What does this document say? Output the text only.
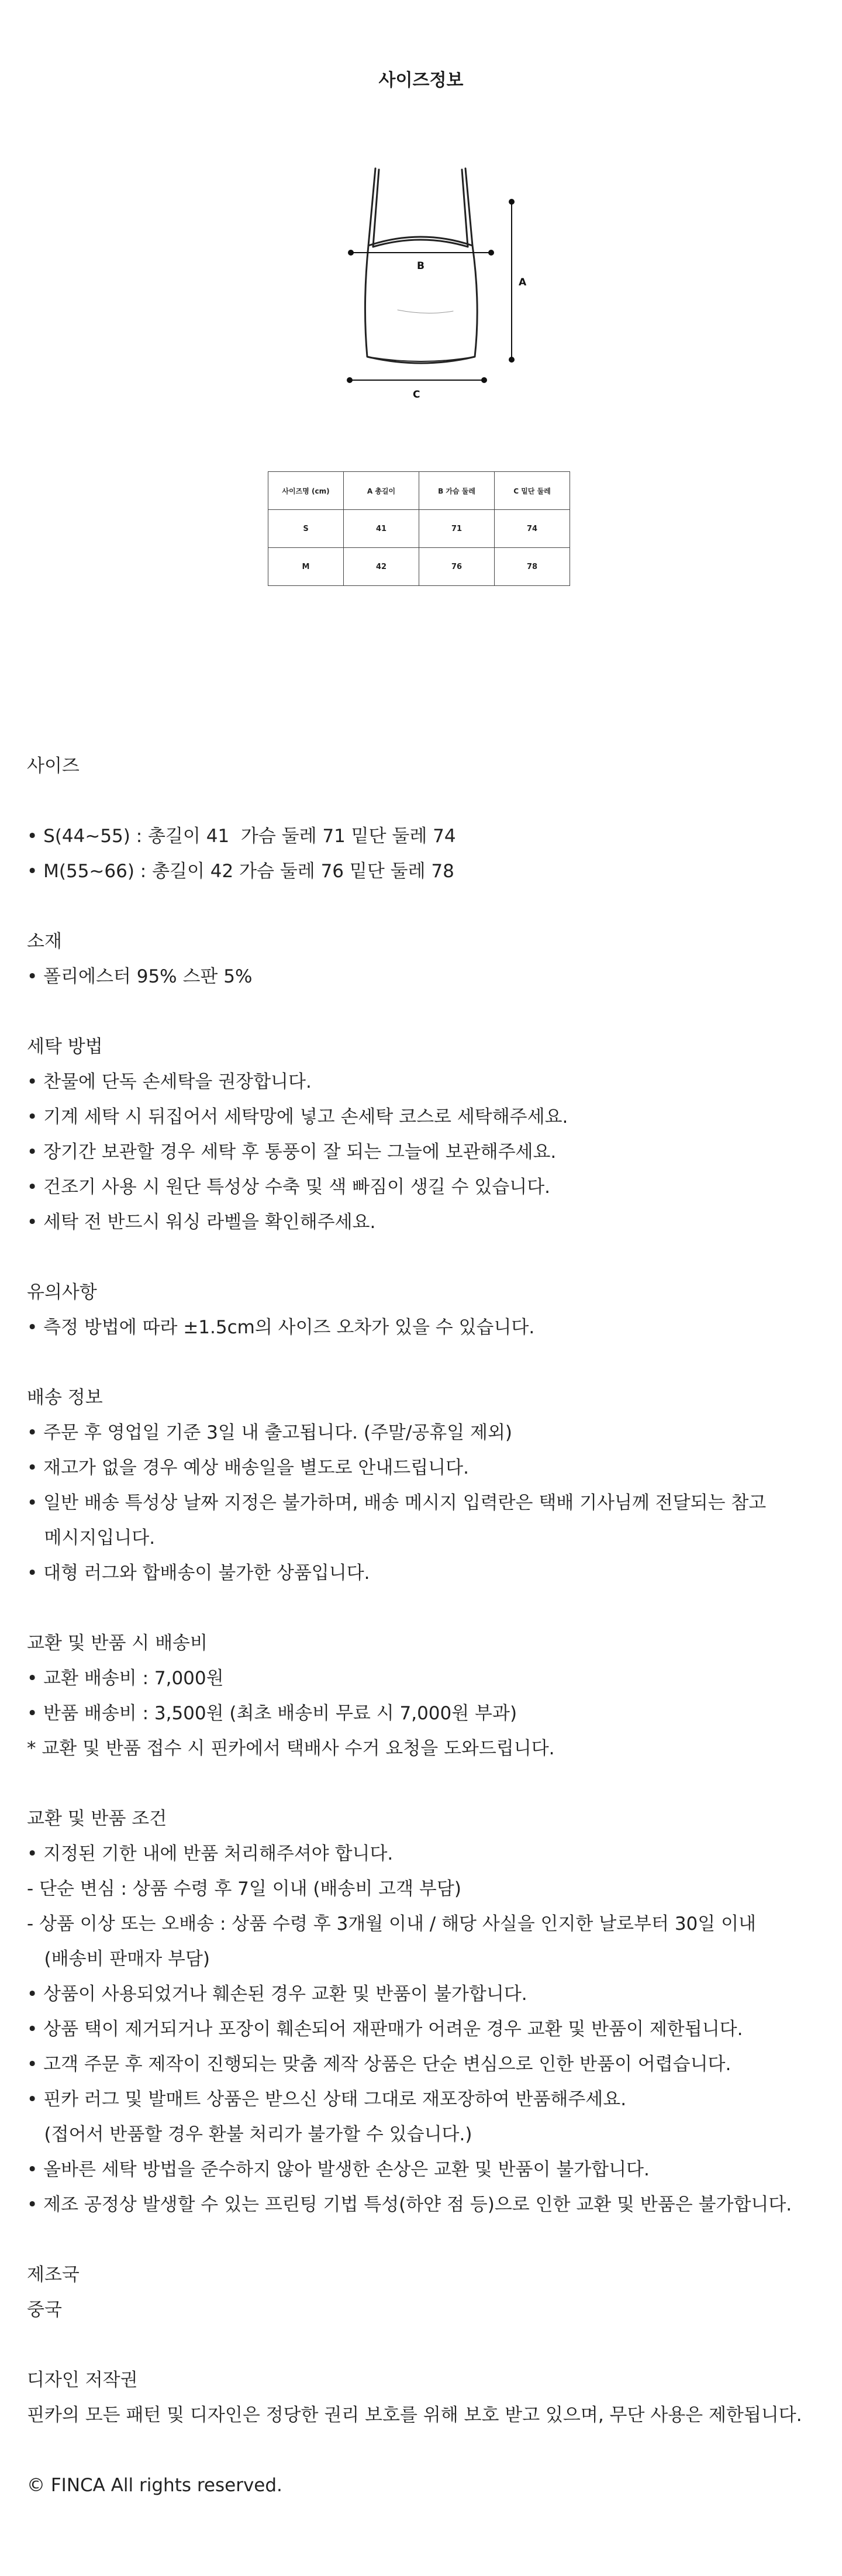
사이즈정보
B
A
C
사이즈명 (cm)	A 총길이	B 가슴 둘레	C 밑단 둘레
S	41	71	74
M	42	76	78

사이즈

• S(44~55) : 총길이 41  가슴 둘레 71 밑단 둘레 74

• M(55~66) : 총길이 42 가슴 둘레 76 밑단 둘레 78

소재

• 폴리에스터 95% 스판 5%

세탁 방법

• 찬물에 단독 손세탁을 권장합니다.

• 기계 세탁 시 뒤집어서 세탁망에 넣고 손세탁 코스로 세탁해주세요.

• 장기간 보관할 경우 세탁 후 통풍이 잘 되는 그늘에 보관해주세요.

• 건조기 사용 시 원단 특성상 수축 및 색 빠짐이 생길 수 있습니다.

• 세탁 전 반드시 워싱 라벨을 확인해주세요.

유의사항

• 측정 방법에 따라 ±1.5cm의 사이즈 오차가 있을 수 있습니다.

배송 정보

• 주문 후 영업일 기준 3일 내 출고됩니다. (주말/공휴일 제외)

• 재고가 없을 경우 예상 배송일을 별도로 안내드립니다.

• 일반 배송 특성상 날짜 지정은 불가하며, 배송 메시지 입력란은 택배 기사님께 전달되는 참고

메시지입니다.

• 대형 러그와 합배송이 불가한 상품입니다.

교환 및 반품 시 배송비

• 교환 배송비 : 7,000원

• 반품 배송비 : 3,500원 (최초 배송비 무료 시 7,000원 부과)

* 교환 및 반품 접수 시 핀카에서 택배사 수거 요청을 도와드립니다.

교환 및 반품 조건

• 지정된 기한 내에 반품 처리해주셔야 합니다.

- 단순 변심 : 상품 수령 후 7일 이내 (배송비 고객 부담)

- 상품 이상 또는 오배송 : 상품 수령 후 3개월 이내 / 해당 사실을 인지한 날로부터 30일 이내

(배송비 판매자 부담)

• 상품이 사용되었거나 훼손된 경우 교환 및 반품이 불가합니다.

• 상품 택이 제거되거나 포장이 훼손되어 재판매가 어려운 경우 교환 및 반품이 제한됩니다.

• 고객 주문 후 제작이 진행되는 맞춤 제작 상품은 단순 변심으로 인한 반품이 어렵습니다.

• 핀카 러그 및 발매트 상품은 받으신 상태 그대로 재포장하여 반품해주세요.

(접어서 반품할 경우 환불 처리가 불가할 수 있습니다.)

• 올바른 세탁 방법을 준수하지 않아 발생한 손상은 교환 및 반품이 불가합니다.

• 제조 공정상 발생할 수 있는 프린팅 기법 특성(하얀 점 등)으로 인한 교환 및 반품은 불가합니다.

제조국

중국

디자인 저작권

핀카의 모든 패턴 및 디자인은 정당한 권리 보호를 위해 보호 받고 있으며, 무단 사용은 제한됩니다.

© FINCA All rights reserved.
